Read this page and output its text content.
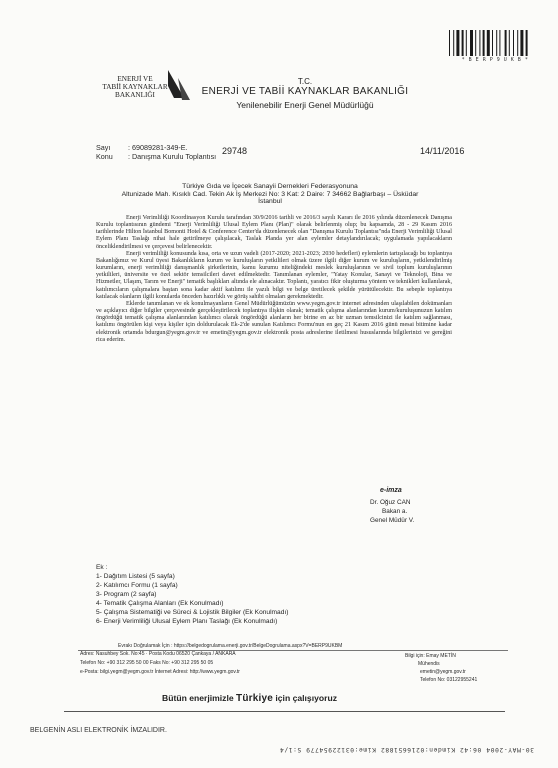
* B E R P 9 U K B *
ENERJİ VE
TABİİ KAYNAKLAR
BAKANLIĞI
T.C.
ENERJİ VE TABİİ KAYNAKLAR BAKANLIĞI
Yenilenebilir Enerji Genel Müdürlüğü
Sayı : 69089281-349-E.
Konu : Danışma Kurulu Toplantısı
29748	14/11/2016
Türkiye Gıda ve İçecek Sanayii Dernekleri Federasyonuna
Altunizade Mah. Kısıklı Cad. Tekin Ak İş Merkezi No: 3 Kat: 2 Daire: 7 34662 Bağlarbaşı – Üsküdar İstanbul

Enerji Verimliliği Koordinasyon Kurulu tarafından 30/9/2016 tarihli ve 2016/3 sayılı Kararı ile 2016 yılında düzenlenecek Danışma Kurulu toplantısının gündemi "Enerji Verimliliği Ulusal Eylem Planı (Plan)" olarak belirlenmiş olup; bu kapsamda, 28 - 29 Kasım 2016 tarihlerinde Hilton İstanbul Bomonti Hotel & Conference Center'da düzenlenecek olan "Danışma Kurulu Toplantısı"nda Enerji Verimliliği Ulusal Eylem Planı Taslağı nihai hale getirilmeye çalışılacak, Taslak Planda yer alan eylemler detaylandırılacak; uygulamada yapılacakların önceliklendirilmesi ve çerçevesi belirlenecektir.

Enerji verimliliği konusunda kısa, orta ve uzun vadeli (2017-2020; 2021-2023; 2030 hedefleri) eylemlerin tartışılacağı bu toplantıya Bakanlığımız ve Kurul üyesi Bakanlıkların kurum ve kuruluşların yetkilileri olmak üzere ilgili diğer kurum ve kuruluşların, yetkilendirilmiş kurumların, enerji verimliliği danışmanlık şirketlerinin, kamu kurumu niteliğindeki meslek kuruluşlarının ve sivil toplum kuruluşlarının yetkilileri, üniversite ve özel sektör temsilcileri davet edilmektedir. Tanımlanan eylemler, "Yatay Konular, Sanayi ve Teknoloji, Bina ve Hizmetler, Ulaşım, Tarım ve Enerji" tematik başlıkları altında ele alınacaktır. Toplantı, yaratıcı fikir oluşturma yöntem ve teknikleri kullanılarak, katılımcıların çalışmalara baştan sona kadar aktif katılımı ile yazılı bilgi ve belge üretilecek şekilde yürütülecektir. Bu sebeple toplantıya katılacak olanların ilgili konularda önceden hazırlıklı ve görüş sahibi olmaları gerekmektedir.

Eklerde tanımlanan ve ek konulmayanların Genel Müdürlüğümüzün www.yegm.gov.tr internet adresinden ulaşılabilen dokümanları ve açıklayıcı diğer bilgiler çerçevesinde gerçekleştirilecek toplantıya ilişkin olarak; tematik çalışma alanlarından kurum/kuruluşunuzun katılım öngördüğü tematik çalışma alanlarından katılımcı olarak öngördüğü alanların her birine en az bir uzman temsilcinizi ile katılım sağlanması, katılımı öngörülen kişi veya kişiler için doldurulacak Ek-2'de sunulan Katılımcı Formu'nun en geç 21 Kasım 2016 günü mesai bitimine kadar elektronik ortamda bdurgun@yegm.gov.tr ve emetin@yegm.gov.tr elektronik posta adreslerine iletilmesi hususlarında bilgilerinizi ve gereğini rica ederim.

e-imza
Dr. Oğuz CAN
Bakan a.
Genel Müdür V.
Ek :
1- Dağıtım Listesi (5 sayfa)
2- Katılımcı Formu (1 sayfa)
3- Program (2 sayfa)
4- Tematik Çalışma Alanları (Ek Konulmadı)
5- Çalışma Sistematiği ve Süreci & Lojistik Bilgiler (Ek Konulmadı)
6- Enerji Verimliliği Ulusal Eylem Planı Taslağı (Ek Konulmadı)
Evrakı Doğrulamak İçin : https://belgedogrulama.enerji.gov.tr/BelgeDogrulama.aspx?V=BERP9UKBM
Adres: Nasuhbey Sok. No:45 · Posta Kodu 06520 Çankaya / ANKARA
Telefon No: +90 312 295 50 00 Faks No: +90 312 295 50 05
e-Posta: bilgi.yegm@yegm.gov.tr İnternet Adresi: http://www.yegm.gov.tr
Bilgi için: Emay METİN
Mühendis
emetin@yegm.gov.tr
Telefon No: 03122955241
Bütün enerjimizle Türkiye için çalışıyoruz
BELGENİN ASLI ELEKTRONİK İMZALIDIR.
30-MAY-2004 06:42 Kimden:0216651882 Kime:03122954779 S:1/4
